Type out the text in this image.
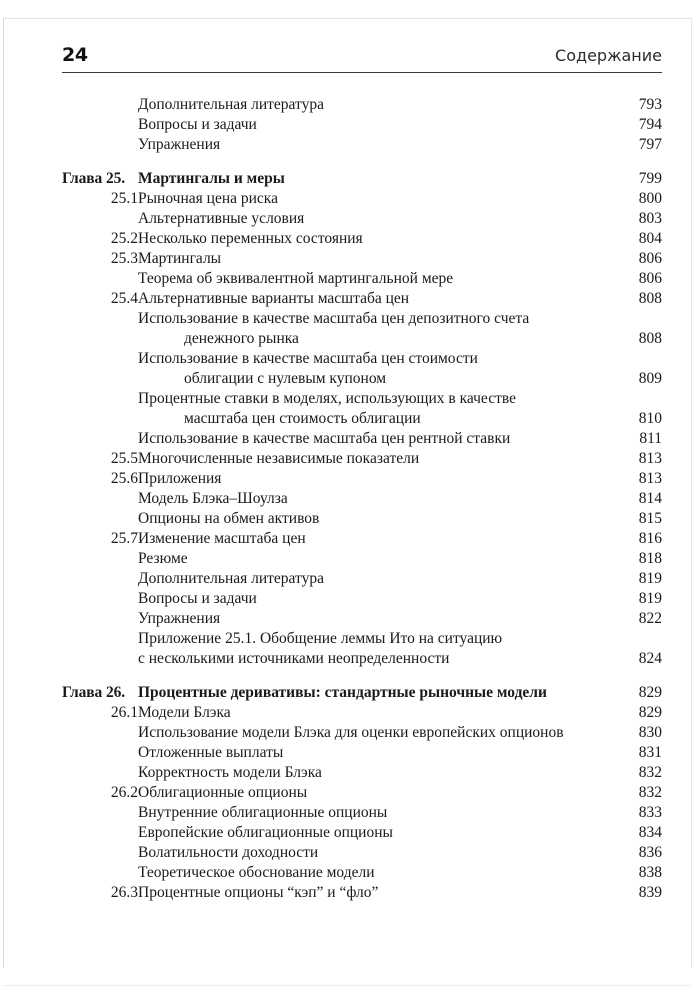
24	Содержание
Дополнительная литература	793
Вопросы и задачи	794
Упражнения	797
Глава 25. Мартингалы и меры	799
25.1 Рыночная цена риска	800
Альтернативные условия	803
25.2 Несколько переменных состояния	804
25.3 Мартингалы	806
Теорема об эквивалентной мартингальной мере	806
25.4 Альтернативные варианты масштаба цен	808
Использование в качестве масштаба цен депозитного счета
денежного рынка	808
Использование в качестве масштаба цен стоимости
облигации с нулевым купоном	809
Процентные ставки в моделях, использующих в качестве
масштаба цен стоимость облигации	810
Использование в качестве масштаба цен рентной ставки	811
25.5 Многочисленные независимые показатели	813
25.6 Приложения	813
Модель Блэка–Шоулза	814
Опционы на обмен активов	815
25.7 Изменение масштаба цен	816
Резюме	818
Дополнительная литература	819
Вопросы и задачи	819
Упражнения	822
Приложение 25.1. Обобщение леммы Ито на ситуацию
с несколькими источниками неопределенности	824
Глава 26. Процентные деривативы: стандартные рыночные модели	829
26.1 Модели Блэка	829
Использование модели Блэка для оценки европейских опционов	830
Отложенные выплаты	831
Корректность модели Блэка	832
26.2 Облигационные опционы	832
Внутренние облигационные опционы	833
Европейские облигационные опционы	834
Волатильности доходности	836
Теоретическое обоснование модели	838
26.3 Процентные опционы “кэп” и “фло”	839
